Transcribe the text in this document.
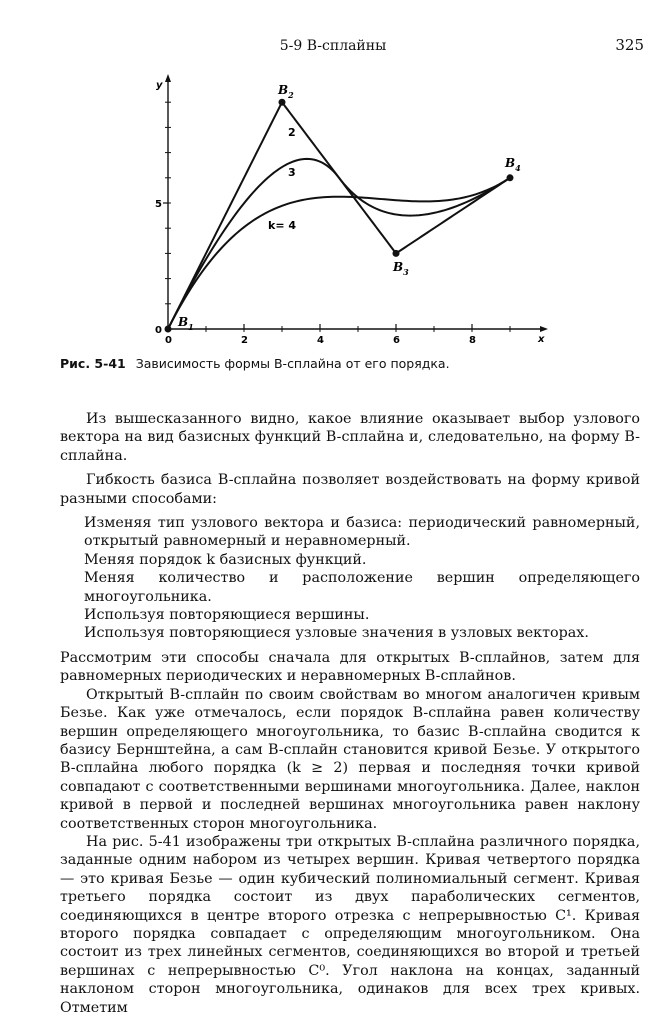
5-9 B-сплайны	325
x
y
2	4	6	8
0
0
5
$B_1$
$B_2$
$B_3$
$B_4$
2
3
k= 4
Рис. 5-41 Зависимость формы B-сплайна от его порядка.

Из вышесказанного видно, какое влияние оказывает выбор узлового вектора на вид базисных функций B-сплайна и, следовательно, на форму B-сплайна.

Гибкость базиса B-сплайна позволяет воздействовать на форму кривой разными способами:

Изменяя тип узлового вектора и базиса: периодический равномерный, открытый равномерный и неравномерный.

Меняя порядок k базисных функций.

Меняя количество и расположение вершин определяющего многоугольника.

Используя повторяющиеся вершины.

Используя повторяющиеся узловые значения в узловых векторах.

Рассмотрим эти способы сначала для открытых B-сплайнов, затем для равномерных периодических и неравномерных B-сплайнов.

Открытый B-сплайн по своим свойствам во многом аналогичен кривым Безье. Как уже отмечалось, если порядок B-сплайна равен количеству вершин определяющего многоугольника, то базис B-сплайна сводится к базису Бернштейна, а сам B-сплайн становится кривой Безье. У открытого B-сплайна любого порядка (k ≥ 2) первая и последняя точки кривой совпадают с соответственными вершинами многоугольника. Далее, наклон кривой в первой и последней вершинах многоугольника равен наклону соответственных сторон многоугольника.

На рис. 5-41 изображены три открытых B-сплайна различного порядка, заданные одним набором из четырех вершин. Кривая четвертого порядка — это кривая Безье — один кубический полиномиальный сегмент. Кривая третьего порядка состоит из двух параболических сегментов, соединяющихся в центре второго отрезка с непрерывностью C¹. Кривая второго порядка совпадает с определяющим многоугольником. Она состоит из трех линейных сегментов, соединяющихся во второй и третьей вершинах с непрерывностью C⁰. Угол наклона на концах, заданный наклоном сторон многоугольника, одинаков для всех трех кривых. Отметим
